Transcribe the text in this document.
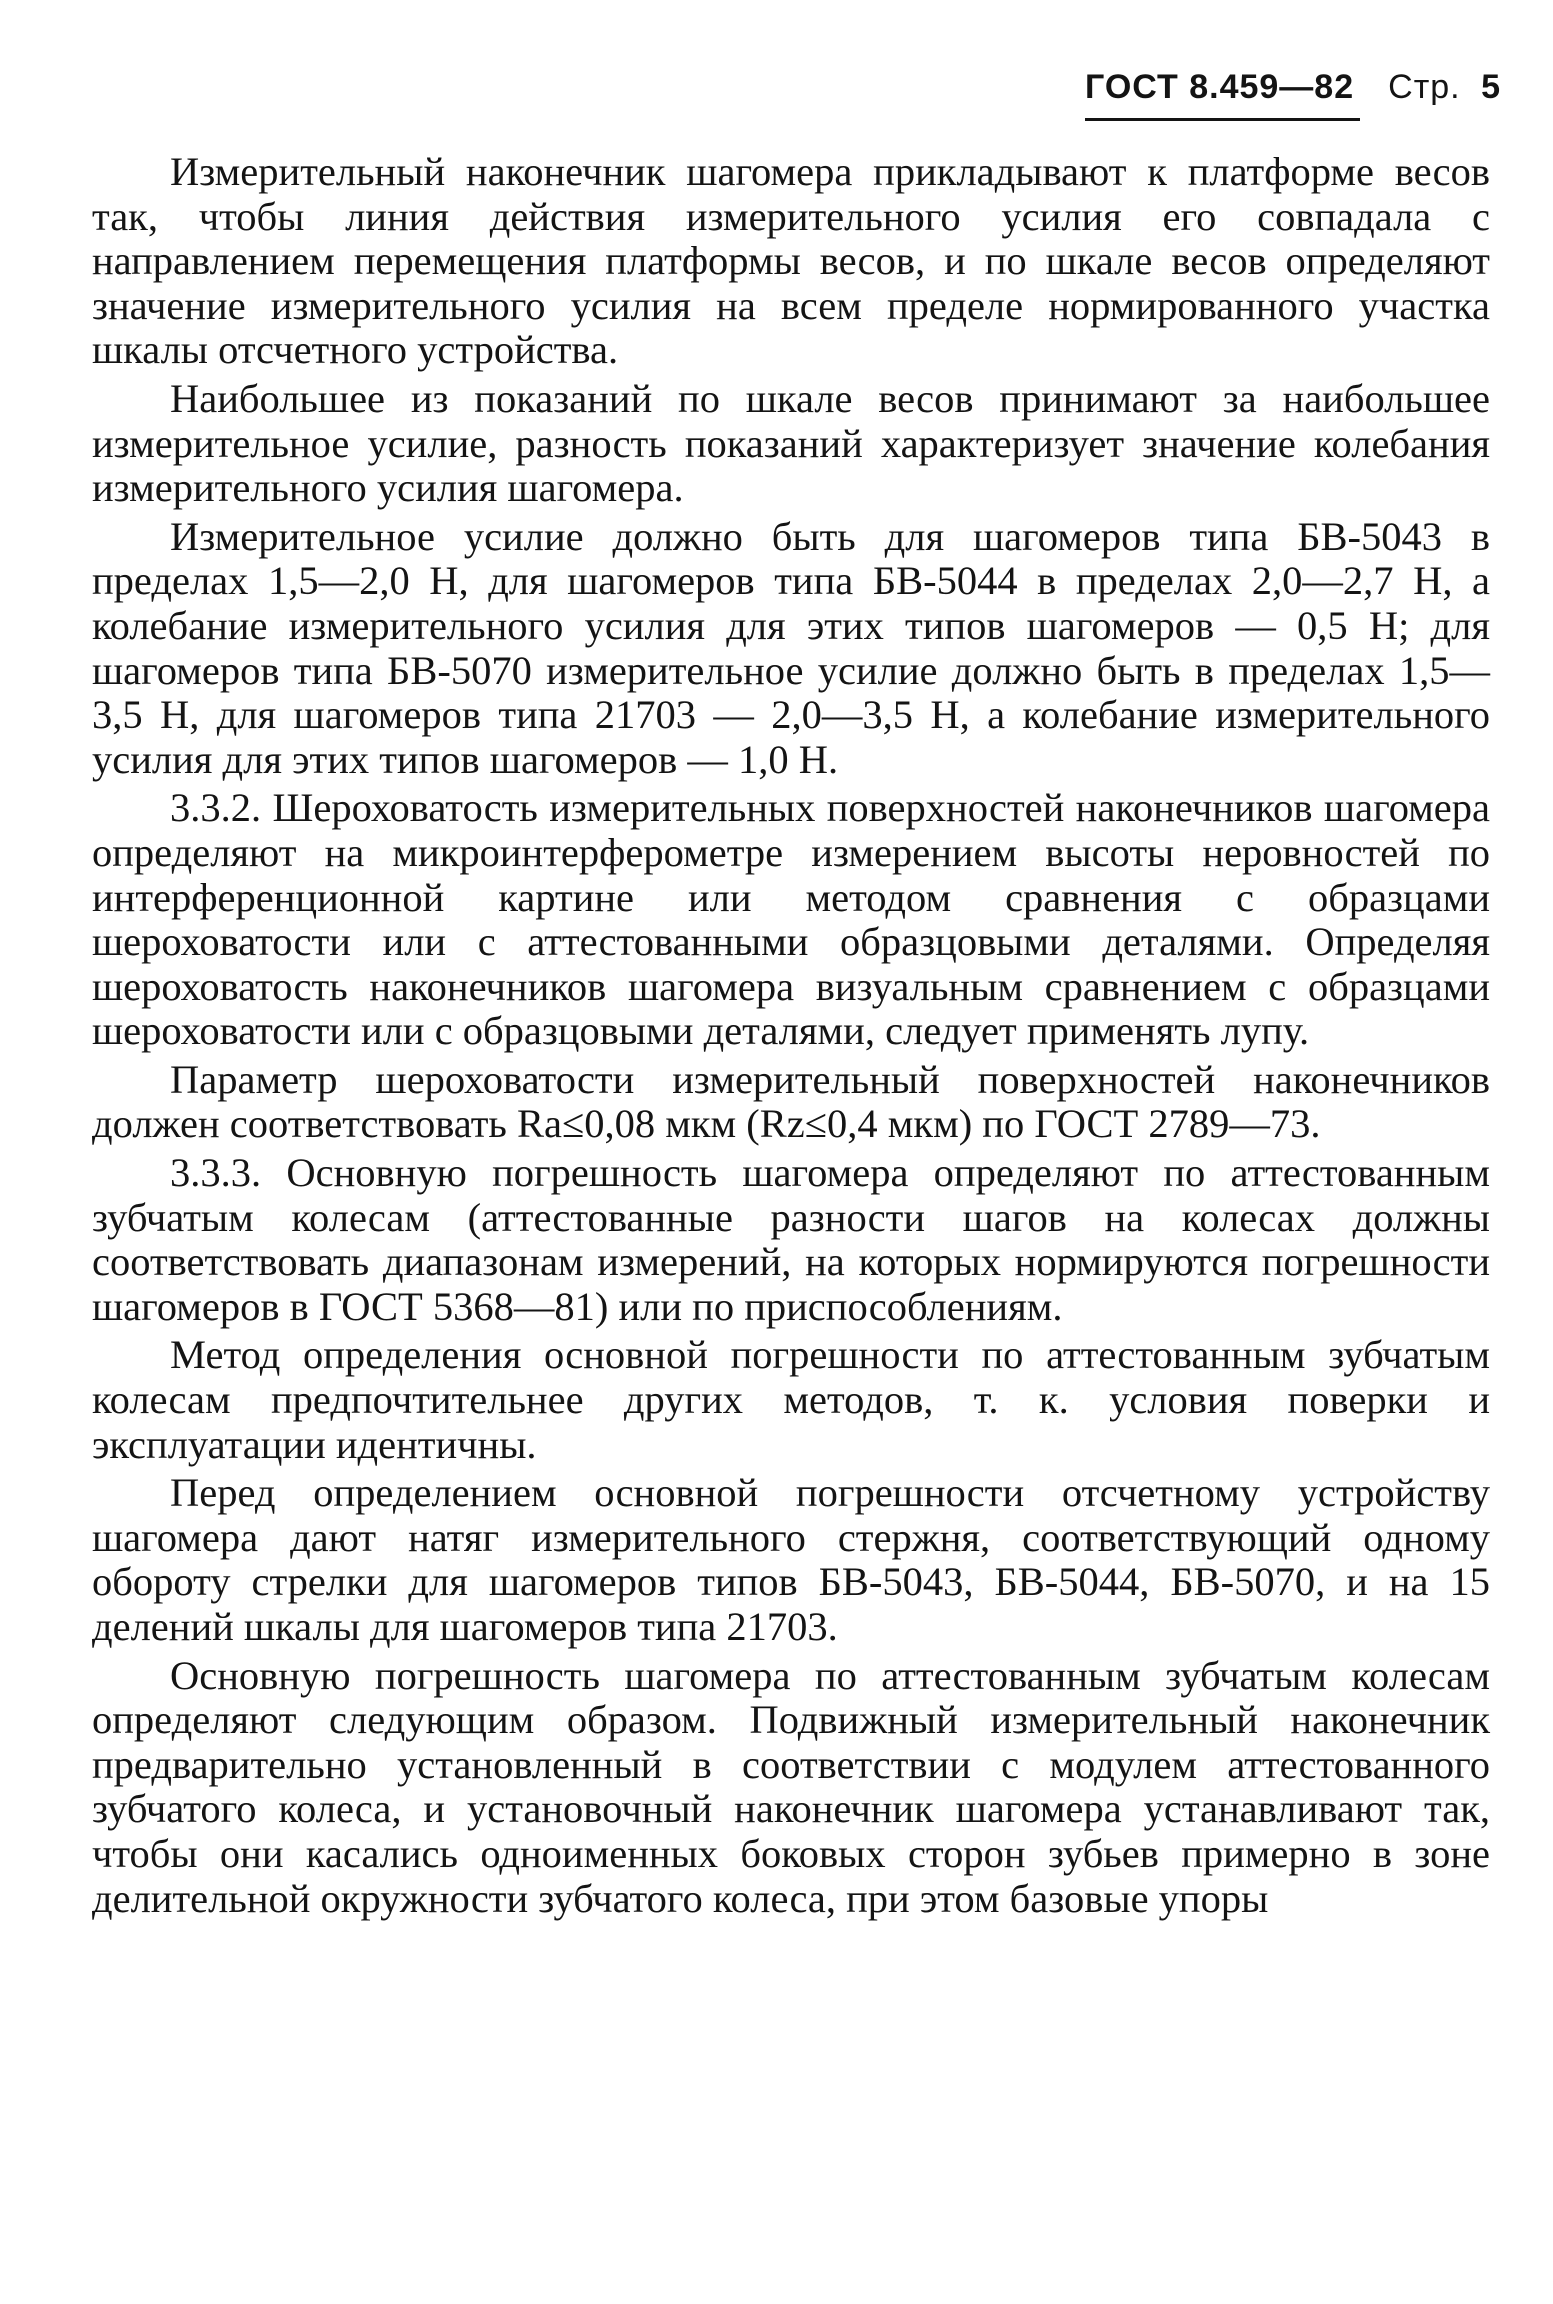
ГОСТ 8.459—82 Стр. 5

Измерительный наконечник шагомера прикладывают к платформе весов так, чтобы линия действия измерительного усилия его совпадала с направлением перемещения платформы весов, и по шкале весов определяют значение измерительного усилия на всем пределе нормированного участка шкалы отсчетного устройства.

Наибольшее из показаний по шкале весов принимают за наибольшее измерительное усилие, разность показаний характеризует значение колебания измерительного усилия шагомера.

Измерительное усилие должно быть для шагомеров типа БВ-5043 в пределах 1,5—2,0 Н, для шагомеров типа БВ-5044 в пределах 2,0—2,7 Н, а колебание измерительного усилия для этих типов шагомеров — 0,5 Н; для шагомеров типа БВ-5070 измерительное усилие должно быть в пределах 1,5—3,5 Н, для шагомеров типа 21703 — 2,0—3,5 Н, а колебание измерительного усилия для этих типов шагомеров — 1,0 Н.

3.3.2. Шероховатость измерительных поверхностей наконечников шагомера определяют на микроинтерферометре измерением высоты неровностей по интерференционной картине или методом сравнения с образцами шероховатости или с аттестованными образцовыми деталями. Определяя шероховатость наконечников шагомера визуальным сравнением с образцами шероховатости или с образцовыми деталями, следует применять лупу.

Параметр шероховатости измерительный поверхностей наконечников должен соответствовать Ra≤0,08 мкм (Rz≤0,4 мкм) по ГОСТ 2789—73.

3.3.3. Основную погрешность шагомера определяют по аттестованным зубчатым колесам (аттестованные разности шагов на колесах должны соответствовать диапазонам измерений, на которых нормируются погрешности шагомеров в ГОСТ 5368—81) или по приспособлениям.

Метод определения основной погрешности по аттестованным зубчатым колесам предпочтительнее других методов, т. к. условия поверки и эксплуатации идентичны.

Перед определением основной погрешности отсчетному устройству шагомера дают натяг измерительного стержня, соответствующий одному обороту стрелки для шагомеров типов БВ-5043, БВ-5044, БВ-5070, и на 15 делений шкалы для шагомеров типа 21703.

Основную погрешность шагомера по аттестованным зубчатым колесам определяют следующим образом. Подвижный измерительный наконечник предварительно установленный в соответствии с модулем аттестованного зубчатого колеса, и установочный наконечник шагомера устанавливают так, чтобы они касались одноименных боковых сторон зубьев примерно в зоне делительной окружности зубчатого колеса, при этом базовые упоры
